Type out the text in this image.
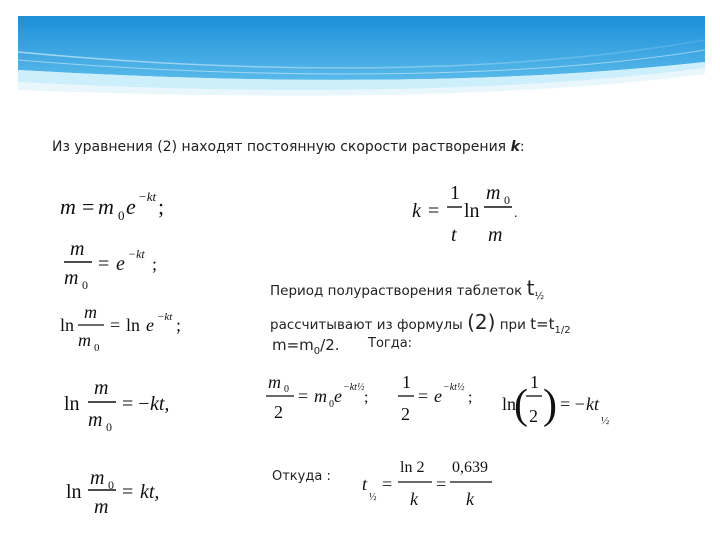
Из уравнения (2) находят постоянную скорости растворения k:
Период полурастворения таблеток $t_{\frac{1}{2}}$
рассчитывают из формулы (2) при $t=t_{1/2}$
$m=m_0/2$. Тогда:
Откуда :
m = m 0 e −kt ;
m
m 0
= e −kt ;
ln
m
m 0
= ln e −kt ;
ln
m
m 0
= − kt,
ln
m 0
m
= kt,
k =
1
t
ln
m 0
m
.
m 0
2
= m 0 e −kt½
;
1
2
= e −kt½
; ln
( 1
2 ) = − kt
½
t
½
=
ln 2
k
=
0,639
k
